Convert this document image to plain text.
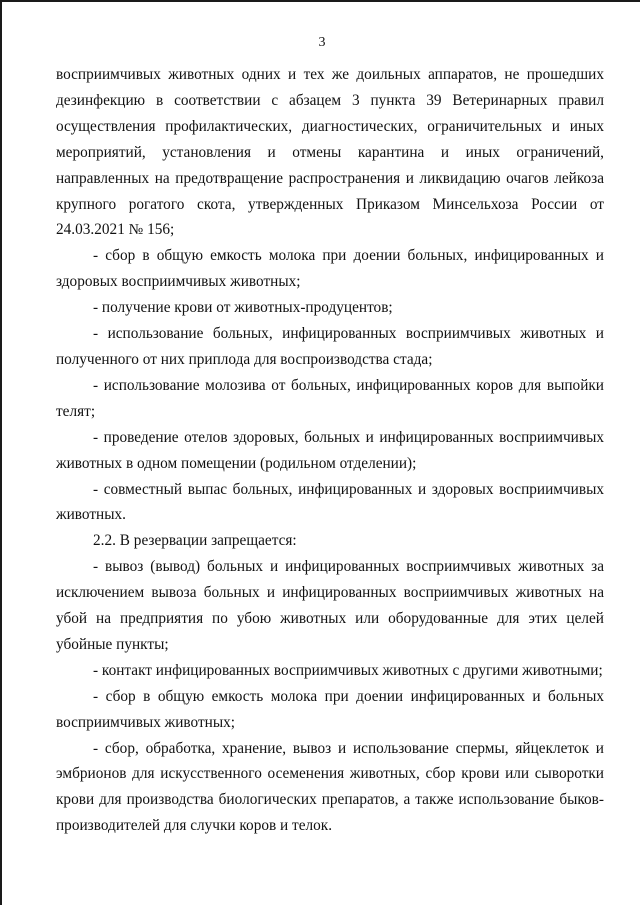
3

восприимчивых животных одних и тех же доильных аппаратов, не прошедших дезинфекцию в соответствии с абзацем 3 пункта 39 Ветеринарных правил осуществления профилактических, диагностических, ограничительных и иных мероприятий, установления и отмены карантина и иных ограничений, направленных на предотвращение распространения и ликвидацию очагов лейкоза крупного рогатого скота, утвержденных Приказом Минсельхоза России от 24.03.2021 № 156;

- сбор в общую емкость молока при доении больных, инфицированных и здоровых восприимчивых животных;

- получение крови от животных-продуцентов;

- использование больных, инфицированных восприимчивых животных и полученного от них приплода для воспроизводства стада;

- использование молозива от больных, инфицированных коров для выпойки телят;

- проведение отелов здоровых, больных и инфицированных восприимчивых животных в одном помещении (родильном отделении);

- совместный выпас больных, инфицированных и здоровых восприимчивых животных.

2.2. В резервации запрещается:

- вывоз (вывод) больных и инфицированных восприимчивых животных за исключением вывоза больных и инфицированных восприимчивых животных на убой на предприятия по убою животных или оборудованные для этих целей убойные пункты;

- контакт инфицированных восприимчивых животных с другими животными;

- сбор в общую емкость молока при доении инфицированных и больных восприимчивых животных;

- сбор, обработка, хранение, вывоз и использование спермы, яйцеклеток и эмбрионов для искусственного осеменения животных, сбор крови или сыворотки крови для производства биологических препаратов, а также использование быков-производителей для случки коров и телок.
